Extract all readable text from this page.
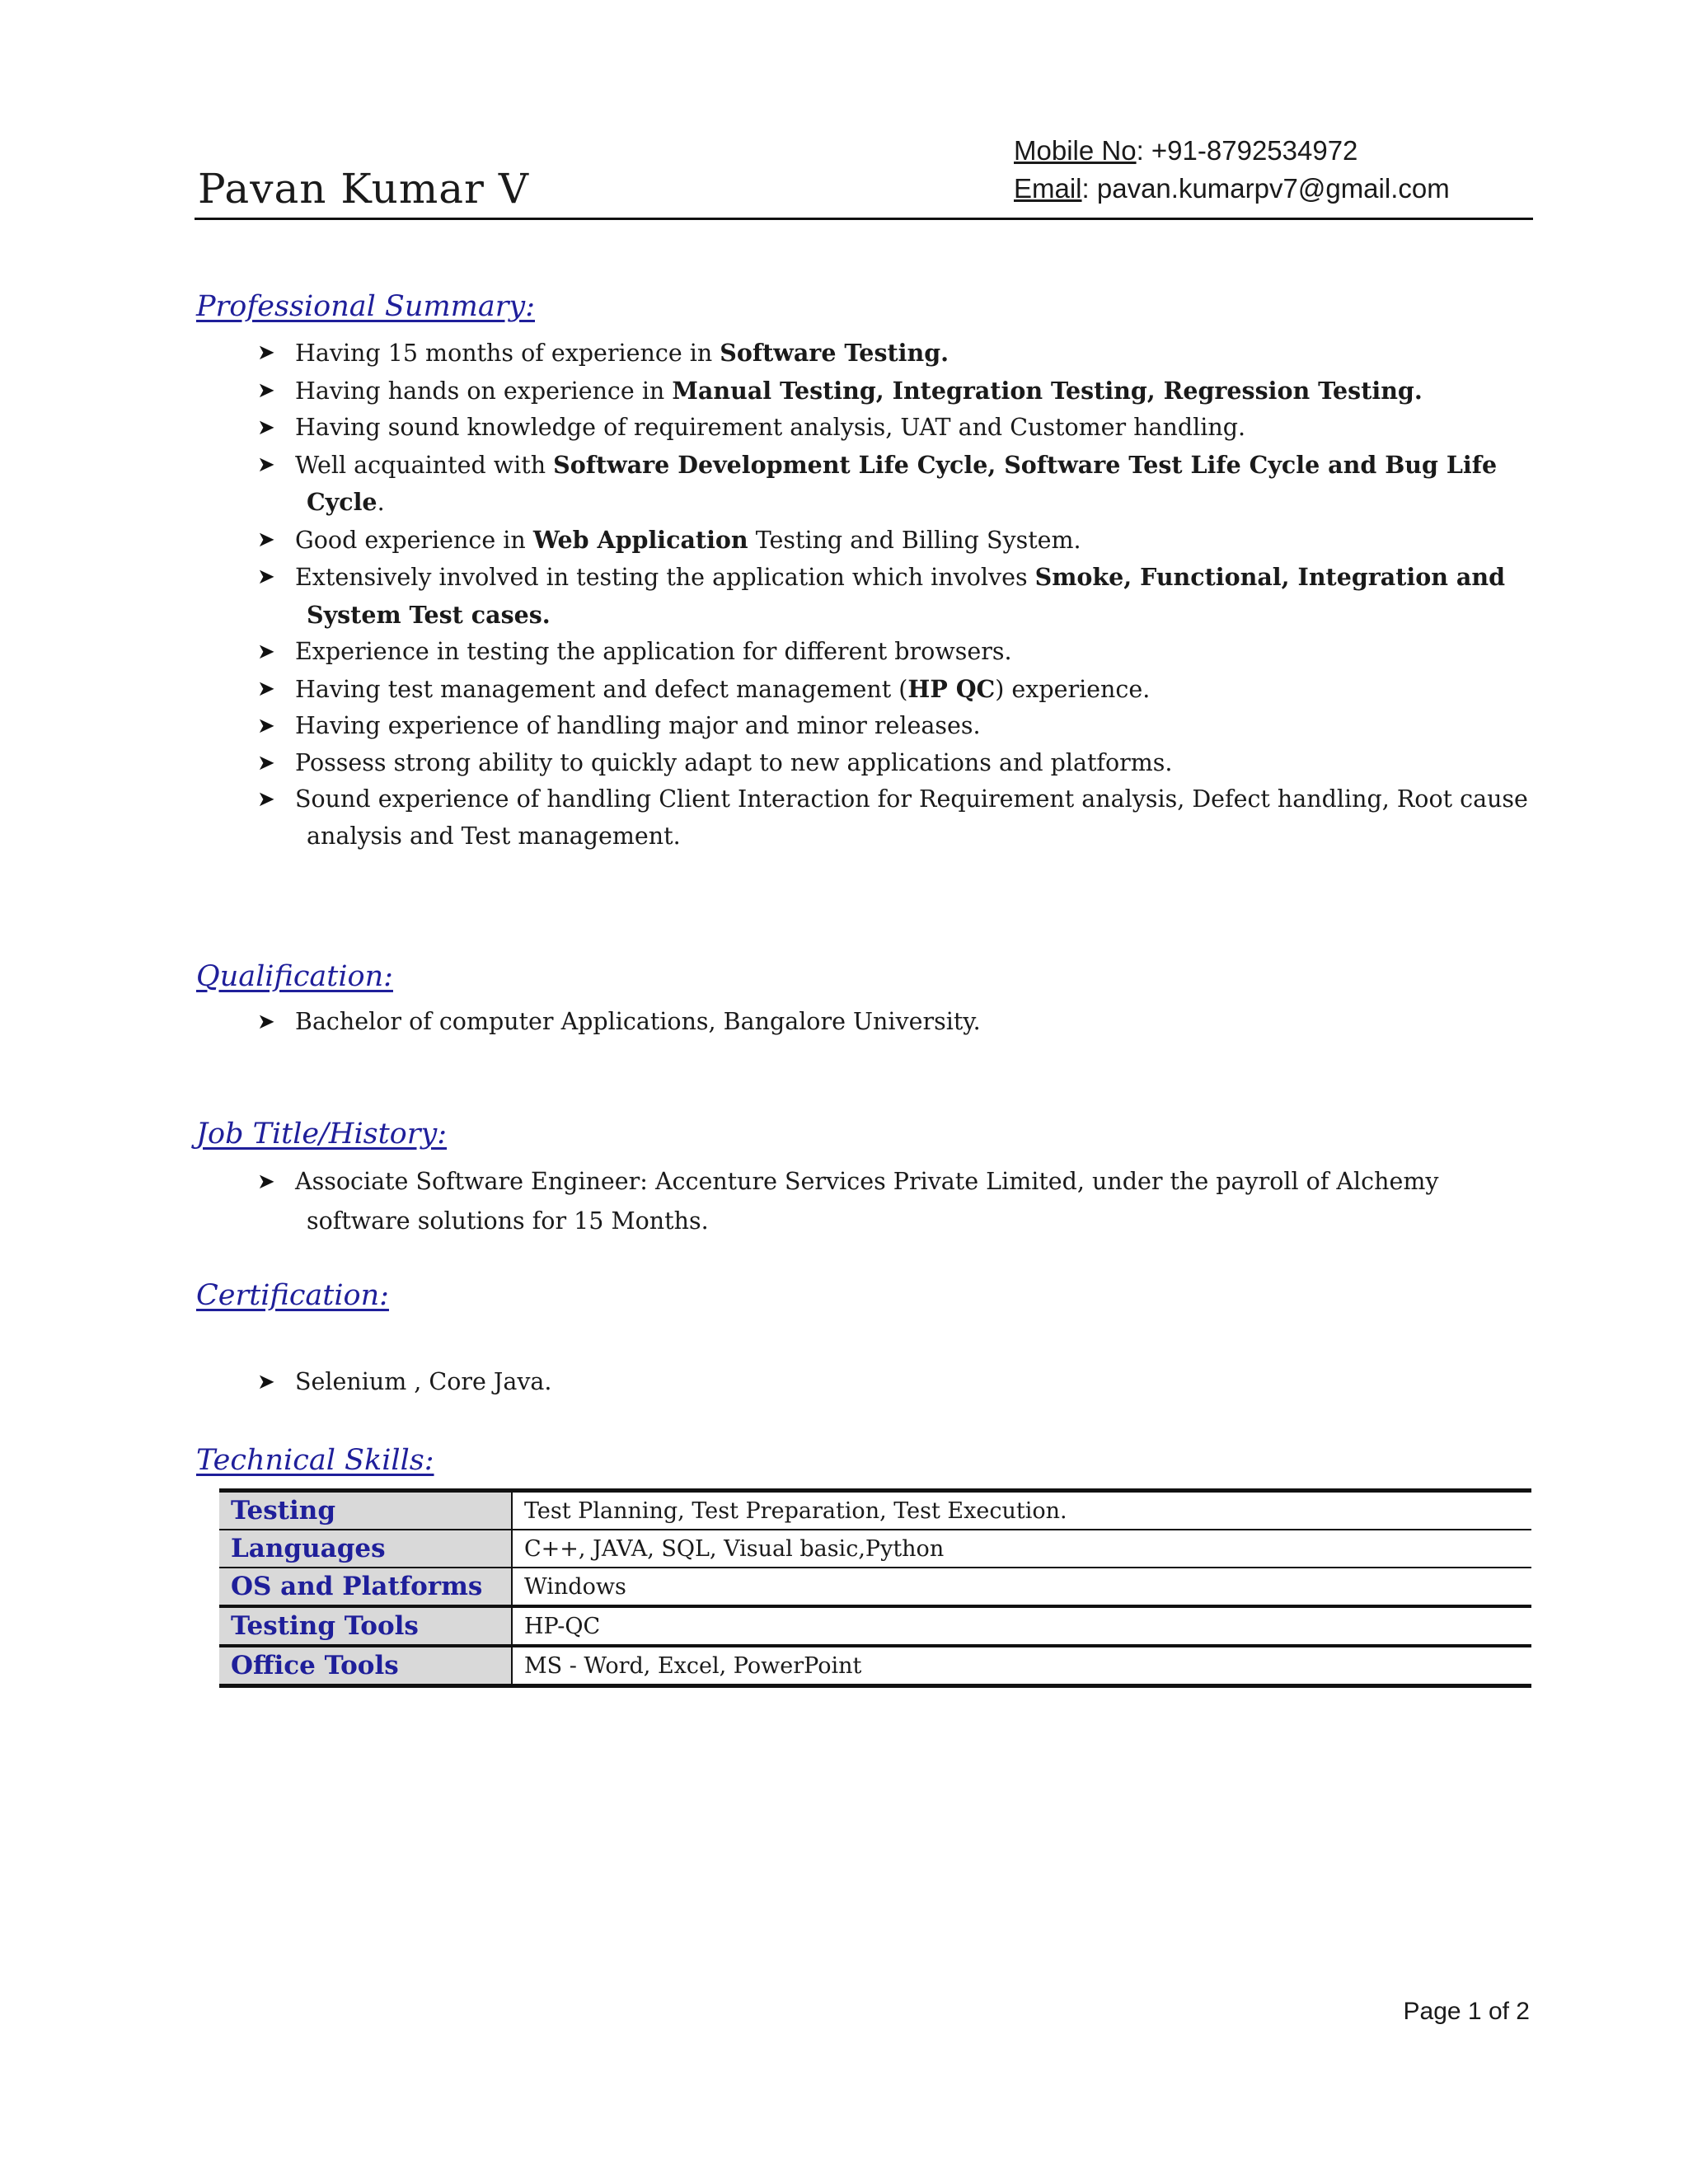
Pavan Kumar V
Mobile No: +91-8792534972
Email: pavan.kumarpv7@gmail.com
Professional Summary:
➤ Having 15 months of experience in Software Testing.
➤ Having hands on experience in Manual Testing, Integration Testing, Regression Testing.
➤ Having sound knowledge of requirement analysis, UAT and Customer handling.
➤ Well acquainted with Software Development Life Cycle, Software Test Life Cycle and Bug Life
Cycle.
➤ Good experience in Web Application Testing and Billing System.
➤ Extensively involved in testing the application which involves Smoke, Functional, Integration and
System Test cases.
➤ Experience in testing the application for different browsers.
➤ Having test management and defect management (HP QC) experience.
➤ Having experience of handling major and minor releases.
➤ Possess strong ability to quickly adapt to new applications and platforms.
➤ Sound experience of handling Client Interaction for Requirement analysis, Defect handling, Root cause
analysis and Test management.
Qualification:
➤ Bachelor of computer Applications, Bangalore University.
Job Title/History:
➤ Associate Software Engineer: Accenture Services Private Limited, under the payroll of Alchemy
software solutions for 15 Months.
Certification:
➤ Selenium , Core Java.
Technical Skills:
Testing	Test Planning, Test Preparation, Test Execution.
Languages	C++, JAVA, SQL, Visual basic,Python
OS and Platforms	Windows
Testing Tools	HP-QC
Office Tools	MS - Word, Excel, PowerPoint
Page 1 of 2
